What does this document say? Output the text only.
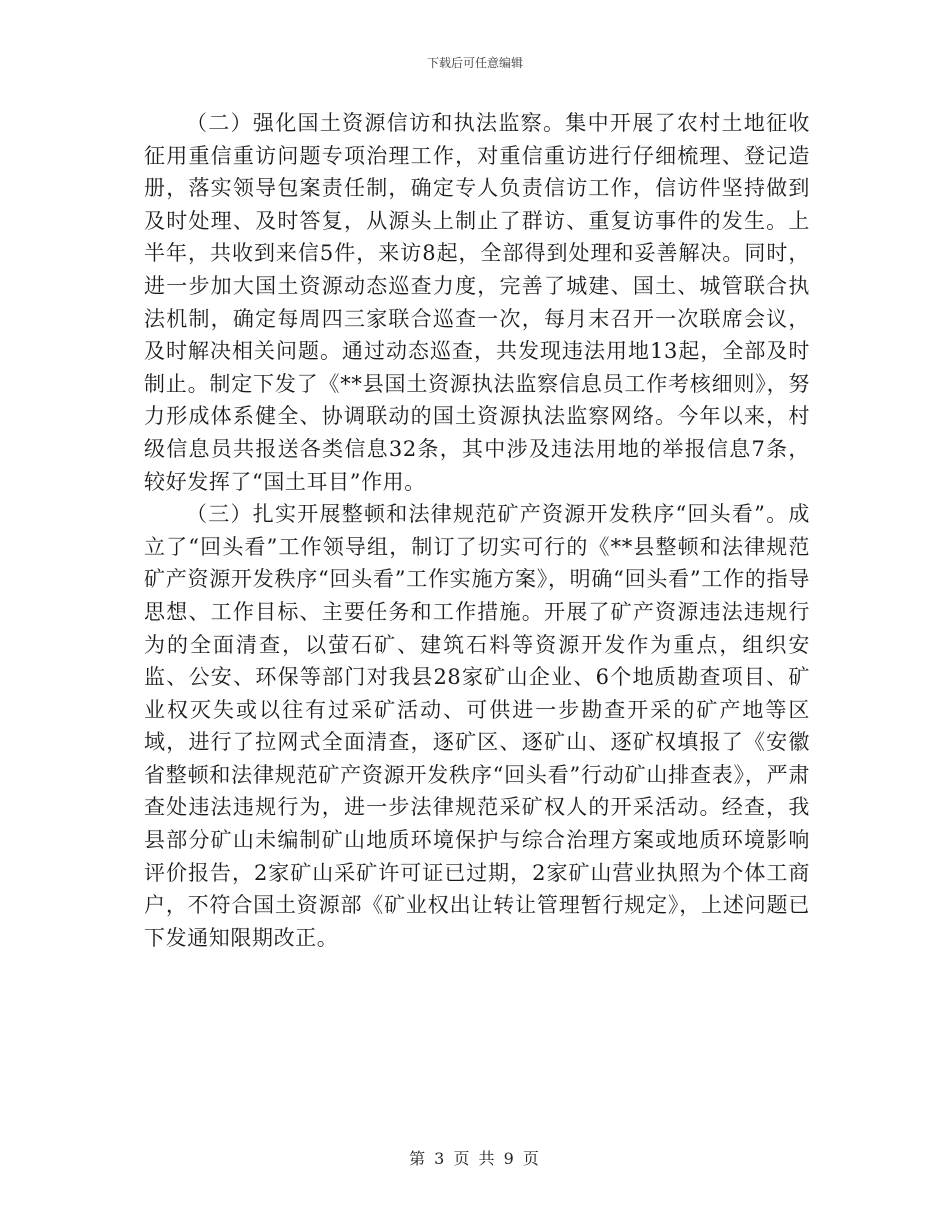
下载后可任意编辑

（二）强化国土资源信访和执法监察。集中开展了农村土地征收征用重信重访问题专项治理工作，对重信重访进行仔细梳理、登记造册，落实领导包案责任制，确定专人负责信访工作，信访件坚持做到及时处理、及时答复，从源头上制止了群访、重复访事件的发生。上半年，共收到来信5件，来访8起，全部得到处理和妥善解决。同时，进一步加大国土资源动态巡查力度，完善了城建、国土、城管联合执法机制，确定每周四三家联合巡查一次，每月末召开一次联席会议，及时解决相关问题。通过动态巡查，共发现违法用地13起，全部及时制止。制定下发了《**县国土资源执法监察信息员工作考核细则》，努力形成体系健全、协调联动的国土资源执法监察网络。今年以来，村级信息员共报送各类信息32条，其中涉及违法用地的举报信息7条，较好发挥了“国土耳目”作用。

（三）扎实开展整顿和法律规范矿产资源开发秩序“回头看”。成立了“回头看”工作领导组，制订了切实可行的《**县整顿和法律规范矿产资源开发秩序“回头看”工作实施方案》，明确“回头看”工作的指导思想、工作目标、主要任务和工作措施。开展了矿产资源违法违规行为的全面清查，以萤石矿、建筑石料等资源开发作为重点，组织安监、公安、环保等部门对我县28家矿山企业、6个地质勘查项目、矿业权灭失或以往有过采矿活动、可供进一步勘查开采的矿产地等区域，进行了拉网式全面清查，逐矿区、逐矿山、逐矿权填报了《安徽省整顿和法律规范矿产资源开发秩序“回头看”行动矿山排查表》，严肃查处违法违规行为，进一步法律规范采矿权人的开采活动。经查，我县部分矿山未编制矿山地质环境保护与综合治理方案或地质环境影响评价报告，2家矿山采矿许可证已过期，2家矿山营业执照为个体工商户，不符合国土资源部《矿业权出让转让管理暂行规定》，上述问题已下发通知限期改正。

第 3 页 共 9 页
